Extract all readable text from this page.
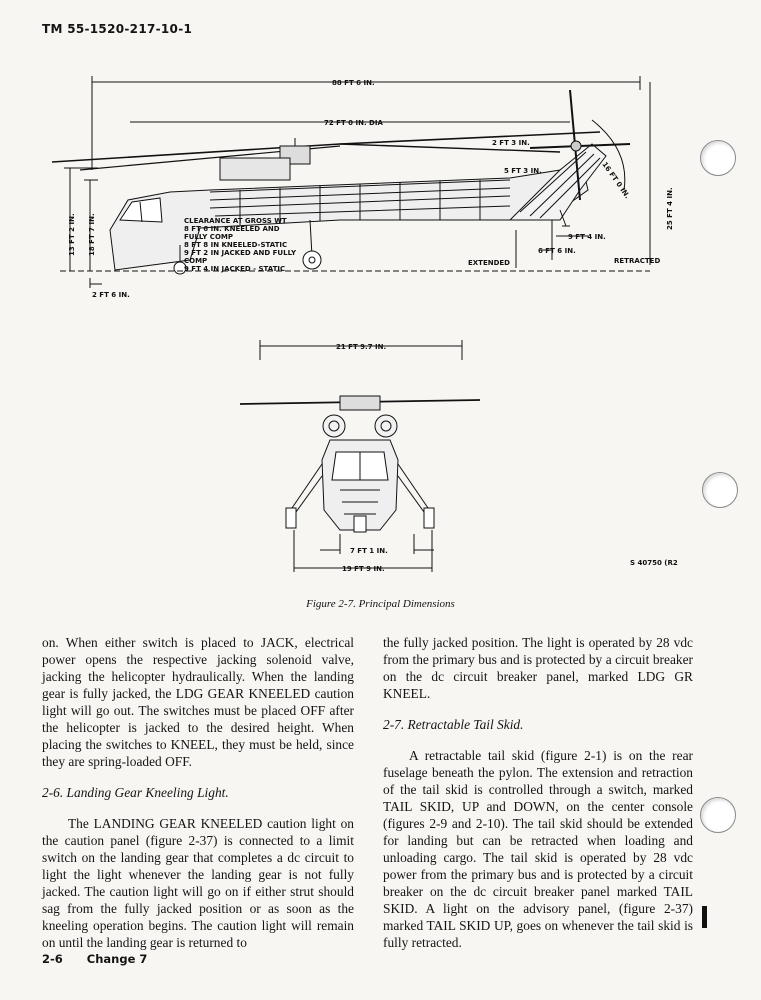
TM 55-1520-217-10-1
88 FT 6 IN.
72 FT 0 IN. DIA
2 FT 3 IN.
5 FT 3 IN.	16 FT 0 IN.
25 FT 4 IN.
13 FT 2 IN. 18 FT 7 IN.
2 FT 6 IN.
9 FT 4 IN.
6 FT 6 IN.
EXTENDED	RETRACTED
CLEARANCE AT GROSS WT
8 FT 6 IN. KNEELED AND
FULLY COMP
8 FT 8 IN KNEELED-STATIC
9 FT 2 IN JACKED AND FULLY
COMP
9 FT 4 IN JACKED - STATIC
21 FT 9.7 IN.
7 FT 1 IN.
19 FT 9 IN.
S 40750 (R2
Figure 2-7. Principal Dimensions

on. When either switch is placed to JACK, electrical power opens the respective jacking solenoid valve, jacking the helicopter hydraulically. When the landing gear is fully jacked, the LDG GEAR KNEELED caution light will go out. The switches must be placed OFF after the helicopter is jacked to the desired height. When placing the switches to KNEEL, they must be held, since they are spring-loaded OFF.

2-6. Landing Gear Kneeling Light.

The LANDING GEAR KNEELED caution light on the caution panel (figure 2-37) is connected to a limit switch on the landing gear that completes a dc circuit to light the light whenever the landing gear is not fully jacked. The caution light will go on if either strut should sag from the fully jacked position or as soon as the kneeling operation begins. The caution light will remain on until the landing gear is returned to

the fully jacked position. The light is operated by 28 vdc from the primary bus and is protected by a circuit breaker on the dc circuit breaker panel, marked LDG GR KNEEL.

2-7. Retractable Tail Skid.

A retractable tail skid (figure 2-1) is on the rear fuselage beneath the pylon. The extension and retraction of the tail skid is controlled through a switch, marked TAIL SKID, UP and DOWN, on the center console (figures 2-9 and 2-10). The tail skid should be extended for landing but can be retracted when loading and unloading cargo. The tail skid is operated by 28 vdc power from the primary bus and is protected by a circuit breaker on the dc circuit breaker panel marked TAIL SKID. A light on the advisory panel, (figure 2-37) marked TAIL SKID UP, goes on whenever the tail skid is fully retracted.

2-6 Change 7
